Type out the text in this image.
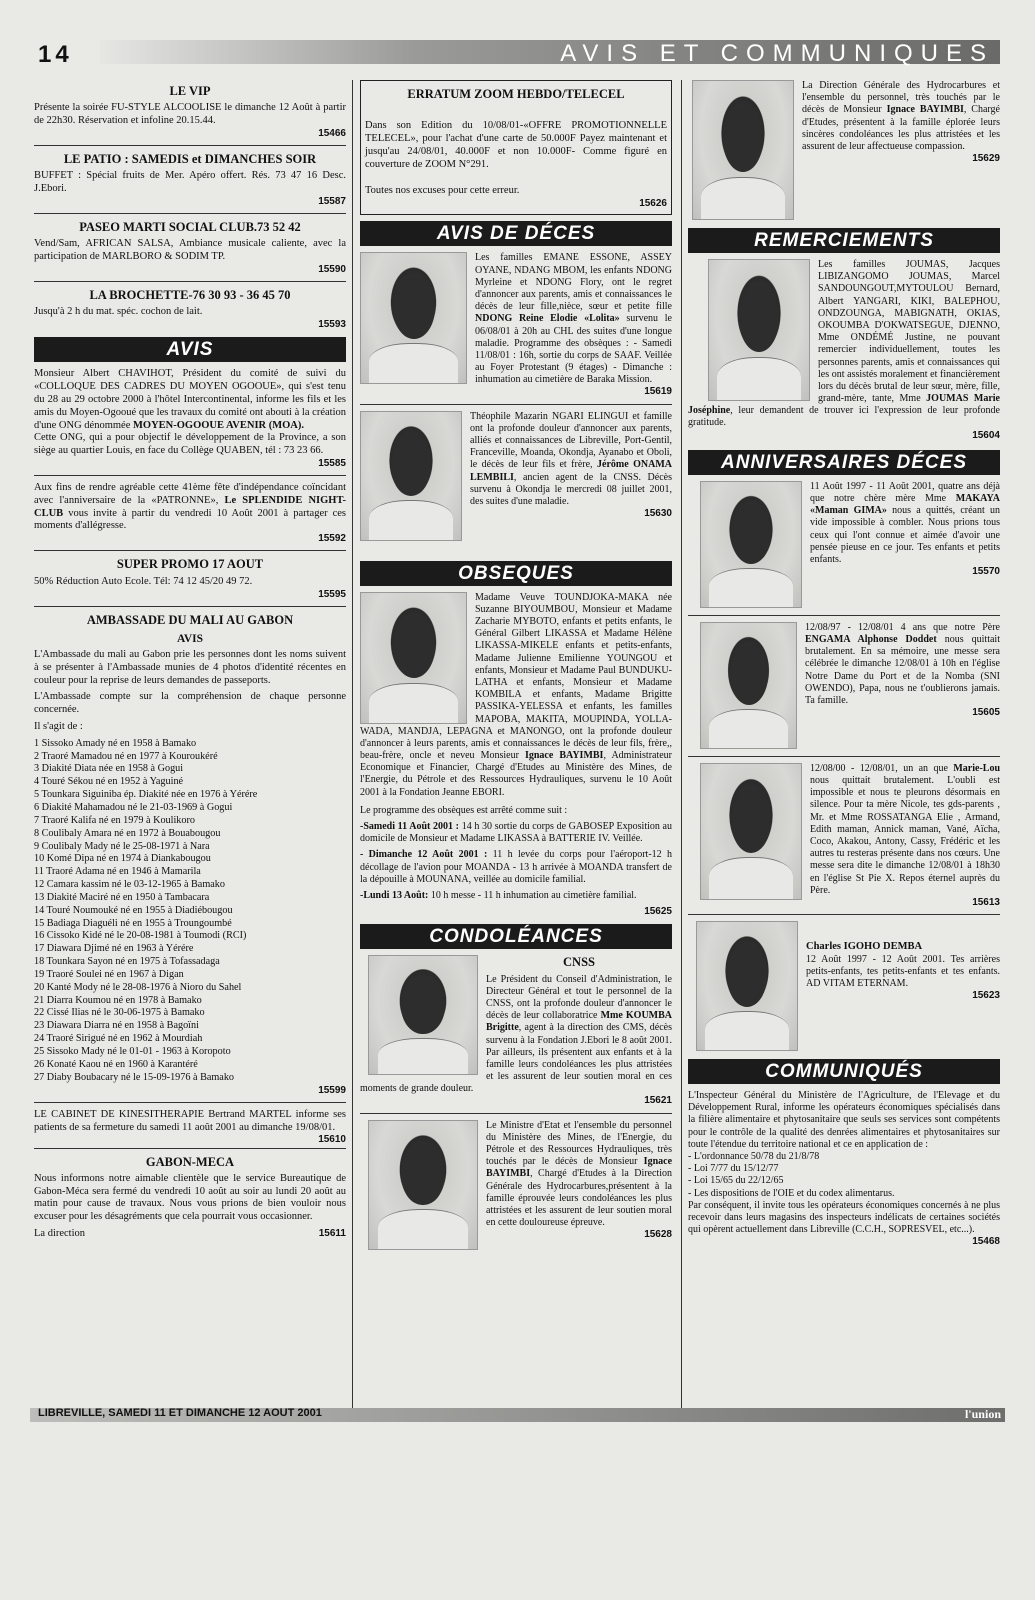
14	AVIS ET COMMUNIQUES
LE VIP
Présente la soirée FU-STYLE ALCOOLISE le dimanche 12 Août à partir de 22h30. Réservation et infoline 20.15.44.
15466
LE PATIO : SAMEDIS et DIMANCHES SOIR
BUFFET : Spécial fruits de Mer. Apéro offert. Rés. 73 47 16 Desc. J.Ebori.
15587
PASEO MARTI SOCIAL CLUB.73 52 42
Vend/Sam, AFRICAN SALSA, Ambiance musicale caliente, avec la participation de MARLBORO & SODIM TP.
15590
LA BROCHETTE-76 30 93 - 36 45 70
Jusqu'à 2 h du mat. spéc. cochon de lait.
15593
AVIS
Monsieur Albert CHAVIHOT, Président du comité de suivi du «COLLOQUE DES CADRES DU MOYEN OGOOUE», qui s'est tenu du 28 au 29 octobre 2000 à l'hôtel Intercontinental, informe les fils et les amis du Moyen-Ogooué que les travaux du comité ont abouti à la création d'une ONG dénommée MOYEN-OGOOUE AVENIR (MOA).
Cette ONG, qui a pour objectif le développement de la Province, a son siège au quartier Louis, en face du Collège QUABEN, tél : 73 23 66.
15585
Aux fins de rendre agréable cette 41ème fête d'indépendance coïncidant avec l'anniversaire de la «PATRONNE», Le SPLENDIDE NIGHT-CLUB vous invite à partir du vendredi 10 Août 2001 à partager ces moments d'allégresse.
15592
SUPER PROMO 17 AOUT
50% Réduction Auto Ecole. Tél: 74 12 45/20 49 72.
15595
AMBASSADE DU MALI AU GABON
AVIS

L'Ambassade du mali au Gabon prie les personnes dont les noms suivent à se présenter à l'Ambassade munies de 4 photos d'identité récentes en couleur pour la reprise de leurs demandes de passeports.

L'Ambassade compte sur la compréhension de chaque personne concernée.

Il s'agit de :

1 Sissoko Amady né en 1958 à Bamako
2 Traoré Mamadou né en 1977 à Kouroukéré
3 Diakité Diata née en 1958 à Gogui
4 Touré Sékou né en 1952 à Yaguiné
5 Tounkara Siguiniba ép. Diakité née en 1976 à Yérére
6 Diakité Mahamadou né le 21-03-1969 à Gogui
7 Traoré Kalifa né en 1979 à Koulikoro
8 Coulibaly Amara né en 1972 à Bouabougou
9 Coulibaly Mady né le 25-08-1971 à Nara
10 Komé Dipa né en 1974 à Diankabougou
11 Traoré Adama né en 1946 à Mamarila
12 Camara kassim né le 03-12-1965 à Bamako
13 Diakité Maciré né en 1950 à Tambacara
14 Touré Noumouké né en 1955 à Diadiébougou
15 Badiaga Diaguéli né en 1955 à Troungoumbé
16 Cissoko Kidé né le 20-08-1981 à Toumodi (RCI)
17 Diawara Djimé né en 1963 à Yérére
18 Tounkara Sayon né en 1975 à Tofassadaga
19 Traoré Soulei né en 1967 à Digan
20 Kanté Mody né le 28-08-1976 à Nioro du Sahel
21 Diarra Koumou né en 1978 à Bamako
22 Cissé Ilias né le 30-06-1975 à Bamako
23 Diawara Diarra né en 1958 à Bagoïni
24 Traoré Sirigué né en 1962 à Mourdiah
25 Sissoko Mady né le 01-01 - 1963 à Koropoto
26 Konaté Kaou né en 1960 à Karantéré
27 Diaby Boubacary né le 15-09-1976 à Bamako
15599
LE CABINET DE KINESITHERAPIE Bertrand MARTEL informe ses patients de sa fermeture du samedi 11 août 2001 au dimanche 19/08/01.
15610
GABON-MECA
Nous informons notre aimable clientèle que le service Bureautique de Gabon-Méca sera fermé du vendredi 10 août au soir au lundi 20 août au matin pour cause de travaux. Nous vous prions de bien vouloir nous excuser pour les désagréments que cela pourrait vous occasionner.
La direction	15611
ERRATUM ZOOM HEBDO/TELECEL
Dans son Edition du 10/08/01-«OFFRE PROMOTIONNELLE TELECEL», pour l'achat d'une carte de 50.000F Payez maintenant et jusqu'au 24/08/01, 40.000F et non 10.000F- Comme figuré en couverture de ZOOM N°291.
Toutes nos excuses pour cette erreur.
15626
AVIS DE DÉCES
Les familles EMANE ESSONE, ASSEY OYANE, NDANG MBOM, les enfants NDONG Myrleine et NDONG Flory, ont le regret d'annoncer aux parents, amis et connaissances le décès de leur fille,nièce, sœur et petite fille NDONG Reine Elodie «Lolita» survenu le 06/08/01 à 20h au CHL des suites d'une longue maladie. Programme des obsèques : - Samedi 11/08/01 : 16h, sortie du corps de SAAF. Veillée au Foyer Protestant (9 étages) - Dimanche : inhumation au cimetière de Baraka Mission.
15619
Théophile Mazarin NGARI ELINGUI et famille ont la profonde douleur d'annoncer aux parents, alliés et connaissances de Libreville, Port-Gentil, Franceville, Moanda, Okondja, Ayanabo et Oboli, le décès de leur fils et frère, Jérôme ONAMA LEMBILI, ancien agent de la CNSS. Décès survenu à Okondja le mercredi 08 juillet 2001, des suites d'une maladie.
15630
OBSEQUES
Madame Veuve TOUNDJOKA-MAKA née Suzanne BIYOUMBOU, Monsieur et Madame Zacharie MYBOTO, enfants et petits enfants, le Général Gilbert LIKASSA et Madame Hélène LIKASSA-MIKELE enfants et petits-enfants, Madame Julienne Emilienne YOUNGOU et enfants, Monsieur et Madame Paul BUNDUKU-LATHA et enfants, Monsieur et Madame KOMBILA et enfants, Madame Brigitte PASSIKA-YELESSA et enfants, les familles MAPOBA, MAKITA, MOUPINDA, YOLLA-WADA, MANDJA, LEPAGNA et MANONGO, ont la profonde douleur d'annoncer à leurs parents, amis et connaissances le décès de leur fils, frère,, beau-frère, oncle et neveu Monsieur Ignace BAYIMBI, Administrateur Economique et Financier, Chargé d'Etudes au Ministère des Mines, de l'Energie, du Pétrole et des Ressources Hydrauliques, survenu le 10 Août 2001 à la Fondation Jeanne EBORI.

Le programme des obsèques est arrêté comme suit :

-Samedi 11 Août 2001 : 14 h 30 sortie du corps de GABOSEP Exposition au domicile de Monsieur et Madame LIKASSA à BATTERIE IV. Veillée.

- Dimanche 12 Août 2001 : 11 h levée du corps pour l'aéroport-12 h décollage de l'avion pour MOANDA - 13 h arrivée à MOANDA transfert de la dépouille à MOUNANA, veillée au domicile familial.

-Lundi 13 Août: 10 h messe - 11 h inhumation au cimetière familial.

15625
CONDOLÉANCES
CNSS
Le Président du Conseil d'Administration, le Directeur Général et tout le personnel de la CNSS, ont la profonde douleur d'annoncer le décès de leur collaboratrice Mme KOUMBA Brigitte, agent à la direction des CMS, décès survenu à la Fondation J.Ebori le 8 août 2001. Par ailleurs, ils présentent aux enfants et à la famille leurs condoléances les plus attristées et les assurent de leur soutien moral en ces moments de grande douleur.
15621
Le Ministre d'Etat et l'ensemble du personnel du Ministère des Mines, de l'Energie, du Pétrole et des Ressources Hydrauliques, très touchés par le décès de Monsieur Ignace BAYIMBI, Chargé d'Etudes à la Direction Générale des Hydrocarbures,présentent à la famille éprouvée leurs condoléances les plus attristées et les assurent de leur soutien moral en cette douloureuse épreuve.
15628
La Direction Générale des Hydrocarbures et l'ensemble du personnel, très touchés par le décès de Monsieur Ignace BAYIMBI, Chargé d'Etudes, présentent à la famille éplorée leurs sincères condoléances les plus attristées et les assurent de leur affectueuse compassion.
15629
REMERCIEMENTS
Les familles JOUMAS, Jacques LIBIZANGOMO JOUMAS, Marcel SANDOUNGOUT,MYTOULOU Bernard, Albert YANGARI, KIKI, BALEPHOU, ONDZOUNGA, MABIGNATH, OKIAS, OKOUMBA D'OKWATSEGUE, DJENNO, Mme ONDÉMÉ Justine, ne pouvant remercier individuellement, toutes les personnes parents, amis et connaissances qui les ont assistés moralement et financièrement lors du décès brutal de leur sœur, mère, fille, grand-mère, tante, Mme JOUMAS Marie Joséphine, leur demandent de trouver ici l'expression de leur profonde gratitude.
15604
ANNIVERSAIRES DÉCES
11 Août 1997 - 11 Août 2001, quatre ans déjà que notre chère mère Mme MAKAYA «Maman GIMA» nous a quittés, créant un vide impossible à combler. Nous prions tous ceux qui l'ont connue et aimée d'avoir une pensée pieuse en ce jour. Tes enfants et petits enfants.
15570
12/08/97 - 12/08/01 4 ans que notre Père ENGAMA Alphonse Doddet nous quittait brutalement. En sa mémoire, une messe sera célébrée le dimanche 12/08/01 à 10h en l'église Notre Dame du Port et de la Nomba (SNI OWENDO), Papa, nous ne t'oublierons jamais. Ta famille.
15605
12/08/00 - 12/08/01, un an que Marie-Lou nous quittait brutalement. L'oubli est impossible et nous te pleurons désormais en silence. Pour ta mère Nicole, tes gds-parents , Mr. et Mme ROSSATANGA Elie , Armand, Edith maman, Annick maman, Vané, Aïcha, Coco, Akakou, Antony, Cassy, Frédéric et les autres tu resteras présente dans nos cœurs. Une messe sera dite le dimanche 12/08/01 à 18h30 en l'église St Pie X. Repos éternel auprès du Père.
15613
Charles IGOHO DEMBA
12 Août 1997 - 12 Août 2001. Tes arrières petits-enfants, tes petits-enfants et tes enfants. AD VITAM ETERNAM.
15623
COMMUNIQUÉS
L'Inspecteur Général du Ministère de l'Agriculture, de l'Elevage et du Développement Rural, informe les opérateurs économiques spécialisés dans la filière alimentaire et phytosanitaire que seuls ses services sont compétents pour le contrôle de la qualité des denrées alimentaires et phytosanitaires sur toute l'étendue du territoire national et ce en application de :
- L'ordonnance 50/78 du 21/8/78
- Loi 7/77 du 15/12/77
- Loi 15/65 du 22/12/65
- Les dispositions de l'OIE et du codex alimentarus.
Par conséquent, il invite tous les opérateurs économiques concernés à ne plus recevoir dans leurs magasins des inspecteurs indélicats de certaines sociétés qui opèrent actuellement dans Libreville (C.C.H., SOPRESVEL, etc...).
15468
LIBREVILLE, SAMEDI 11 ET DIMANCHE 12 AOUT 2001	l'union
